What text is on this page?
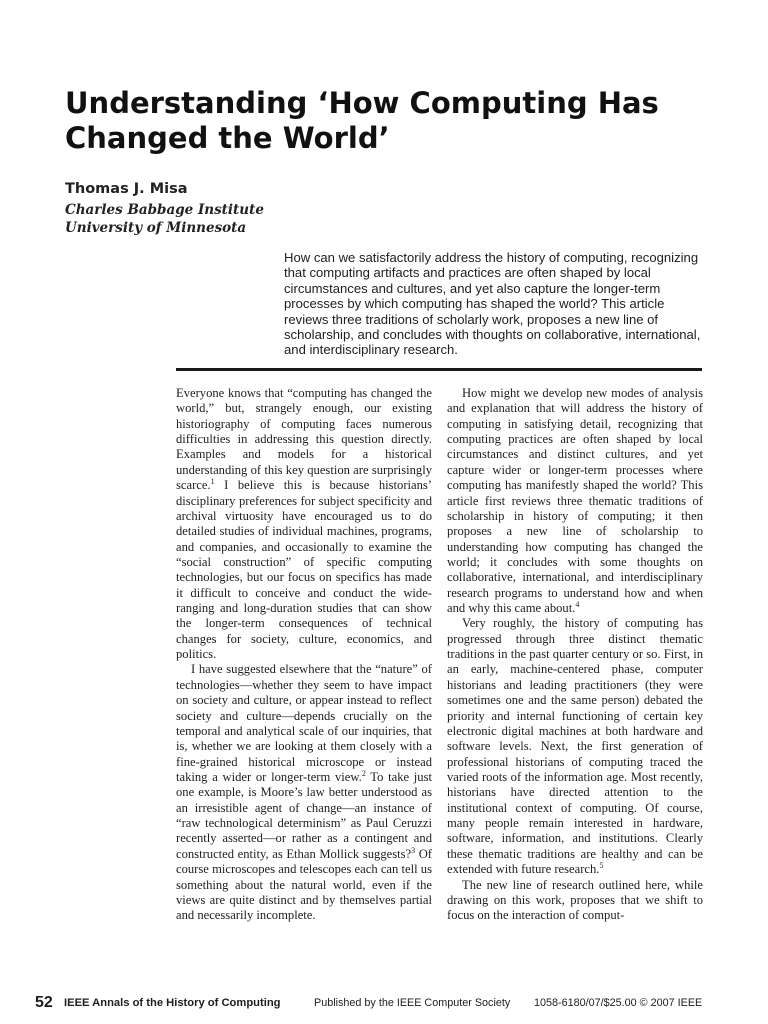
Understanding ‘How Computing Has Changed the World’
Thomas J. Misa
Charles Babbage Institute
University of Minnesota

How can we satisfactorily address the history of computing, recognizing that computing artifacts and practices are often shaped by local circumstances and cultures, and yet also capture the longer-term processes by which computing has shaped the world? This article reviews three traditions of scholarly work, proposes a new line of scholarship, and concludes with thoughts on collaborative, international, and interdisciplinary research.

Everyone knows that “computing has changed the world,” but, strangely enough, our existing historiography of computing faces numerous difficulties in addressing this question directly. Examples and models for a historical understanding of this key question are surprisingly scarce.$^1$ I believe this is because historians’ disciplinary preferences for subject specificity and archival virtuosity have encouraged us to do detailed studies of individual machines, programs, and companies, and occasionally to examine the “social construction” of specific computing technologies, but our focus on specifics has made it difficult to conceive and conduct the wide-ranging and long-duration studies that can show the longer-term consequences of technical changes for society, culture, economics, and politics.

I have suggested elsewhere that the “nature” of technologies—whether they seem to have impact on society and culture, or appear instead to reflect society and culture—depends crucially on the temporal and analytical scale of our inquiries, that is, whether we are looking at them closely with a fine-grained historical microscope or instead taking a wider or longer-term view.$^2$ To take just one example, is Moore’s law better understood as an irresistible agent of change—an instance of “raw technological determinism” as Paul Ceruzzi recently asserted—or rather as a contingent and constructed entity, as Ethan Mollick suggests?$^3$ Of course microscopes and telescopes each can tell us something about the natural world, even if the views are quite distinct and by themselves partial and necessarily incomplete.

How might we develop new modes of analysis and explanation that will address the history of computing in satisfying detail, recognizing that computing practices are often shaped by local circumstances and distinct cultures, and yet capture wider or longer-term processes where computing has manifestly shaped the world? This article first reviews three thematic traditions of scholarship in history of computing; it then proposes a new line of scholarship to understanding how computing has changed the world; it concludes with some thoughts on collaborative, international, and interdisciplinary research programs to understand how and when and why this came about.$^4$

Very roughly, the history of computing has progressed through three distinct thematic traditions in the past quarter century or so. First, in an early, machine-centered phase, computer historians and leading practitioners (they were sometimes one and the same person) debated the priority and internal functioning of certain key electronic digital machines at both hardware and software levels. Next, the first generation of professional historians of computing traced the varied roots of the information age. Most recently, historians have directed attention to the institutional context of computing. Of course, many people remain interested in hardware, software, information, and institutions. Clearly these thematic traditions are healthy and can be extended with future research.$^5$

The new line of research outlined here, while drawing on this work, proposes that we shift to focus on the interaction of comput-

52 IEEE Annals of the History of Computing	Published by the IEEE Computer Society 1058-6180/07/$25.00 © 2007 IEEE
